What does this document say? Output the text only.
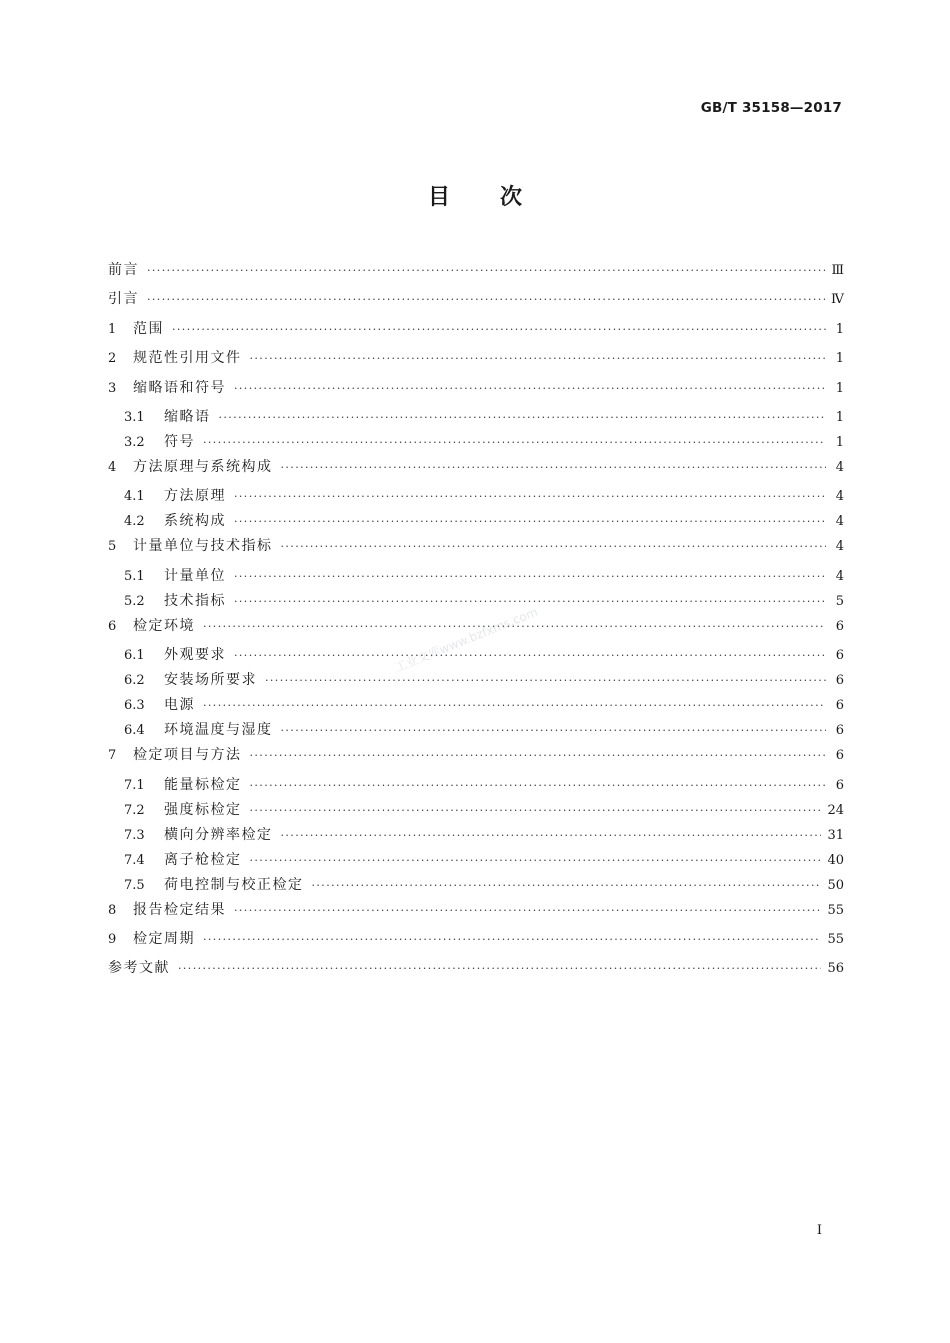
GB/T 35158—2017
目次
前言 ·····	Ⅲ
引言 ·····	Ⅳ
1	范围 ·····	1
2	规范性引用文件 ·····	1
3	缩略语和符号 ·····	1
3.1	缩略语 ·····	1
3.2	符号 ·····	1
4	方法原理与系统构成 ·····	4
4.1	方法原理 ·····	4
4.2	系统构成 ·····	4
5	计量单位与技术指标 ·····	4
5.1	计量单位 ·····	4
5.2	技术指标 ·····	5
6	检定环境 ·····	6
6.1	外观要求 ·····	6
6.2	安装场所要求 ·····	6
6.3	电源 ·····	6
6.4	环境温度与湿度 ·····	6
7	检定项目与方法 ·····	6
7.1	能量标检定 ·····	6
7.2	强度标检定 ·····	24
7.3	横向分辨率检定 ·····	31
7.4	离子枪检定 ·····	40
7.5	荷电控制与校正检定 ·····	50
8	报告检定结果 ·····	55
9	检定周期 ·····	55
参考文献 ·····	56
工业文库www.bzfxms.com
I
